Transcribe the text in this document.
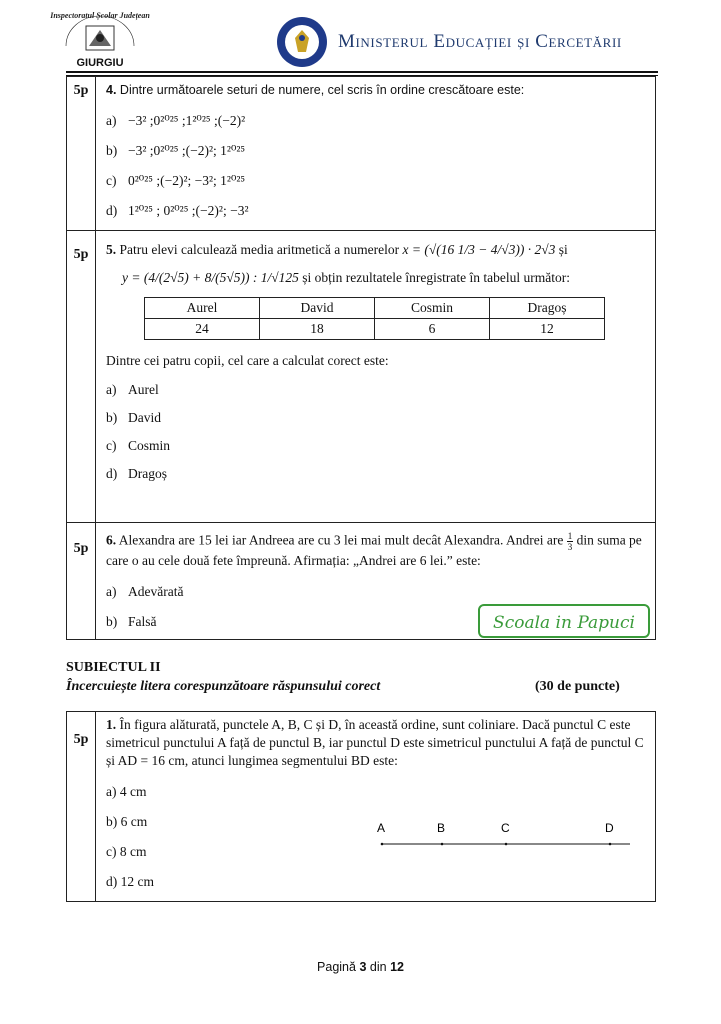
Inspectoratul Școlar Județean
GIURGIU
Ministerul Educației și Cercetării
5p	4. Dintre următoarele seturi de numere, cel scris în ordine crescătoare este:
a) −3² ;0²⁰²⁵ ;1²⁰²⁵ ;(−2)²
b) −3² ;0²⁰²⁵ ;(−2)²; 1²⁰²⁵
c) 0²⁰²⁵ ;(−2)²; −3²; 1²⁰²⁵
d) 1²⁰²⁵ ; 0²⁰²⁵ ;(−2)²; −3²

5p	5. Patru elevi calculează media aritmetică a numerelor x = (√(16 1/3 − 4/√3)) · 2√3 și
y = (4/(2√5) + 8/(5√5)) : 1/√125 și obțin rezultatele înregistrate în tabelul următor:
Aurel	David	Cosmin	Dragoș
24	18	6	12
Dintre cei patru copii, cel care a calculat corect este:
a) Aurel
b) David
c) Cosmin
d) Dragoș

5p	
6. Alexandra are 15 lei iar Andreea are cu 3 lei mai mult decât Alexandra. Andrei are $\frac{1}{3}$ din suma pe care o au cele două fete împreună. Afirmația: „Andrei are 6 lei.” este:
a) Adevărată
b) Falsă	Scoala in Papuci
SUBIECTUL II
Încercuiește litera corespunzătoare răspunsului corect	(30 de puncte)
5p	
1. În figura alăturată, punctele A, B, C și D, în această ordine, sunt coliniare. Dacă punctul C este simetricul punctului A față de punctul B, iar punctul D este simetricul punctului A față de punctul C și AD = 16 cm, atunci lungimea segmentului BD este:
a) 4 cm
b) 6 cm
c) 8 cm
d) 12 cm
A	B	C	D
Pagină 3 din 12
